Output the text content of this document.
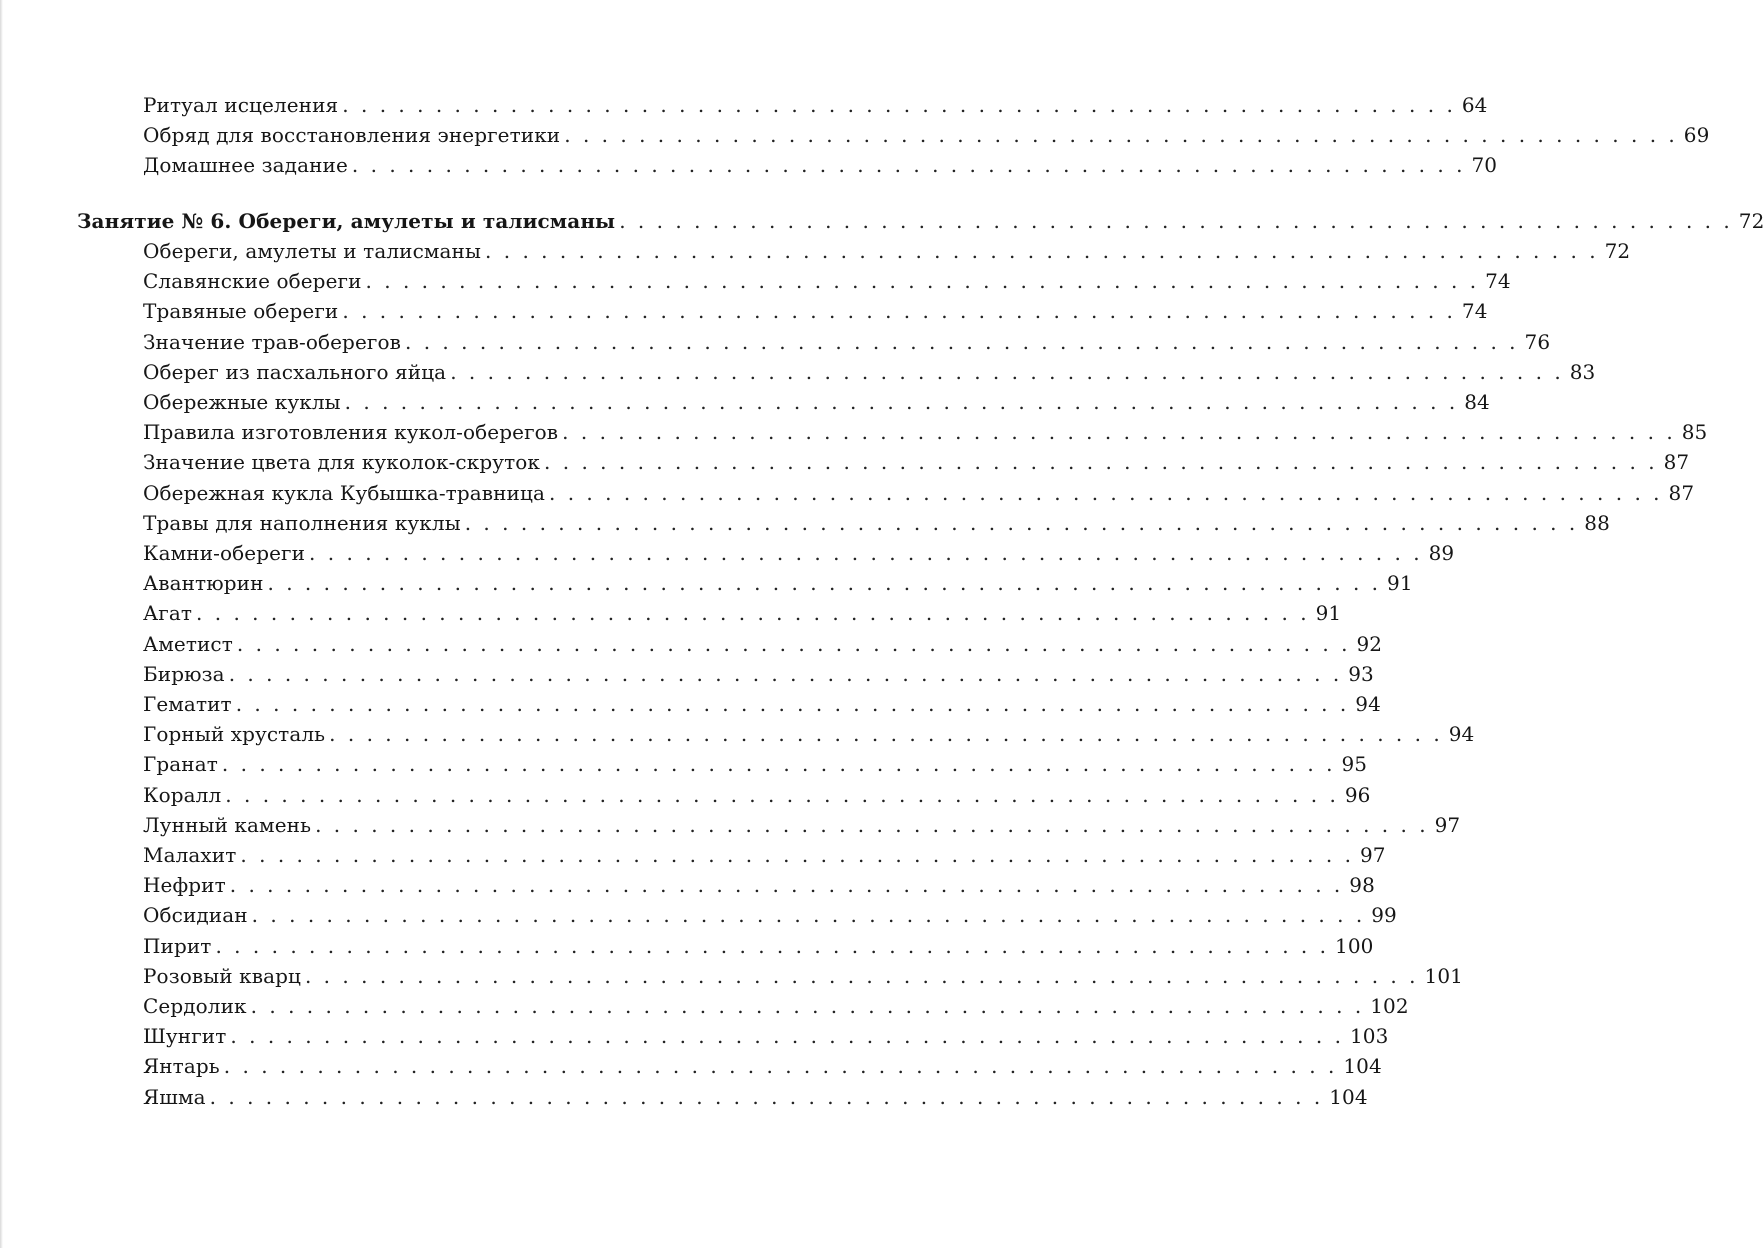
Ритуал исцеления . . . . . . . . . . . . . . . . . . . . . . . . . . . . . . . . . . . . . . . . . . . . . . . . . . . . . . . . . . . . 64
Обряд для восстановления энергетики . . . . . . . . . . . . . . . . . . . . . . . . . . . . . . . . . . . . . . . . . . . . . . . . . . . . . . . . . . . . 69
Домашнее задание . . . . . . . . . . . . . . . . . . . . . . . . . . . . . . . . . . . . . . . . . . . . . . . . . . . . . . . . . . . . 70
Занятие № 6. Обереги, амулеты и талисманы . . . . . . . . . . . . . . . . . . . . . . . . . . . . . . . . . . . . . . . . . . . . . . . . . . . . . . . . . . . . 72
Обереги, амулеты и талисманы . . . . . . . . . . . . . . . . . . . . . . . . . . . . . . . . . . . . . . . . . . . . . . . . . . . . . . . . . . . . 72
Славянские обереги . . . . . . . . . . . . . . . . . . . . . . . . . . . . . . . . . . . . . . . . . . . . . . . . . . . . . . . . . . . . 74
Травяные обереги . . . . . . . . . . . . . . . . . . . . . . . . . . . . . . . . . . . . . . . . . . . . . . . . . . . . . . . . . . . . 74
Значение трав-оберегов . . . . . . . . . . . . . . . . . . . . . . . . . . . . . . . . . . . . . . . . . . . . . . . . . . . . . . . . . . . . 76
Оберег из пасхального яйца . . . . . . . . . . . . . . . . . . . . . . . . . . . . . . . . . . . . . . . . . . . . . . . . . . . . . . . . . . . . 83
Обережные куклы . . . . . . . . . . . . . . . . . . . . . . . . . . . . . . . . . . . . . . . . . . . . . . . . . . . . . . . . . . . . 84
Правила изготовления кукол-оберегов . . . . . . . . . . . . . . . . . . . . . . . . . . . . . . . . . . . . . . . . . . . . . . . . . . . . . . . . . . . . 85
Значение цвета для куколок-скруток . . . . . . . . . . . . . . . . . . . . . . . . . . . . . . . . . . . . . . . . . . . . . . . . . . . . . . . . . . . . 87
Обережная кукла Кубышка-травница . . . . . . . . . . . . . . . . . . . . . . . . . . . . . . . . . . . . . . . . . . . . . . . . . . . . . . . . . . . . 87
Травы для наполнения куклы . . . . . . . . . . . . . . . . . . . . . . . . . . . . . . . . . . . . . . . . . . . . . . . . . . . . . . . . . . . . 88
Камни-обереги . . . . . . . . . . . . . . . . . . . . . . . . . . . . . . . . . . . . . . . . . . . . . . . . . . . . . . . . . . . . 89
Авантюрин . . . . . . . . . . . . . . . . . . . . . . . . . . . . . . . . . . . . . . . . . . . . . . . . . . . . . . . . . . . . 91
Агат . . . . . . . . . . . . . . . . . . . . . . . . . . . . . . . . . . . . . . . . . . . . . . . . . . . . . . . . . . . . 91
Аметист . . . . . . . . . . . . . . . . . . . . . . . . . . . . . . . . . . . . . . . . . . . . . . . . . . . . . . . . . . . . 92
Бирюза . . . . . . . . . . . . . . . . . . . . . . . . . . . . . . . . . . . . . . . . . . . . . . . . . . . . . . . . . . . . 93
Гематит . . . . . . . . . . . . . . . . . . . . . . . . . . . . . . . . . . . . . . . . . . . . . . . . . . . . . . . . . . . . 94
Горный хрусталь . . . . . . . . . . . . . . . . . . . . . . . . . . . . . . . . . . . . . . . . . . . . . . . . . . . . . . . . . . . . 94
Гранат . . . . . . . . . . . . . . . . . . . . . . . . . . . . . . . . . . . . . . . . . . . . . . . . . . . . . . . . . . . . 95
Коралл . . . . . . . . . . . . . . . . . . . . . . . . . . . . . . . . . . . . . . . . . . . . . . . . . . . . . . . . . . . . 96
Лунный камень . . . . . . . . . . . . . . . . . . . . . . . . . . . . . . . . . . . . . . . . . . . . . . . . . . . . . . . . . . . . 97
Малахит . . . . . . . . . . . . . . . . . . . . . . . . . . . . . . . . . . . . . . . . . . . . . . . . . . . . . . . . . . . . 97
Нефрит . . . . . . . . . . . . . . . . . . . . . . . . . . . . . . . . . . . . . . . . . . . . . . . . . . . . . . . . . . . . 98
Обсидиан . . . . . . . . . . . . . . . . . . . . . . . . . . . . . . . . . . . . . . . . . . . . . . . . . . . . . . . . . . . . 99
Пирит . . . . . . . . . . . . . . . . . . . . . . . . . . . . . . . . . . . . . . . . . . . . . . . . . . . . . . . . . . . . 100
Розовый кварц . . . . . . . . . . . . . . . . . . . . . . . . . . . . . . . . . . . . . . . . . . . . . . . . . . . . . . . . . . . . 101
Сердолик . . . . . . . . . . . . . . . . . . . . . . . . . . . . . . . . . . . . . . . . . . . . . . . . . . . . . . . . . . . . 102
Шунгит . . . . . . . . . . . . . . . . . . . . . . . . . . . . . . . . . . . . . . . . . . . . . . . . . . . . . . . . . . . . 103
Янтарь . . . . . . . . . . . . . . . . . . . . . . . . . . . . . . . . . . . . . . . . . . . . . . . . . . . . . . . . . . . . 104
Яшма . . . . . . . . . . . . . . . . . . . . . . . . . . . . . . . . . . . . . . . . . . . . . . . . . . . . . . . . . . . . 104
